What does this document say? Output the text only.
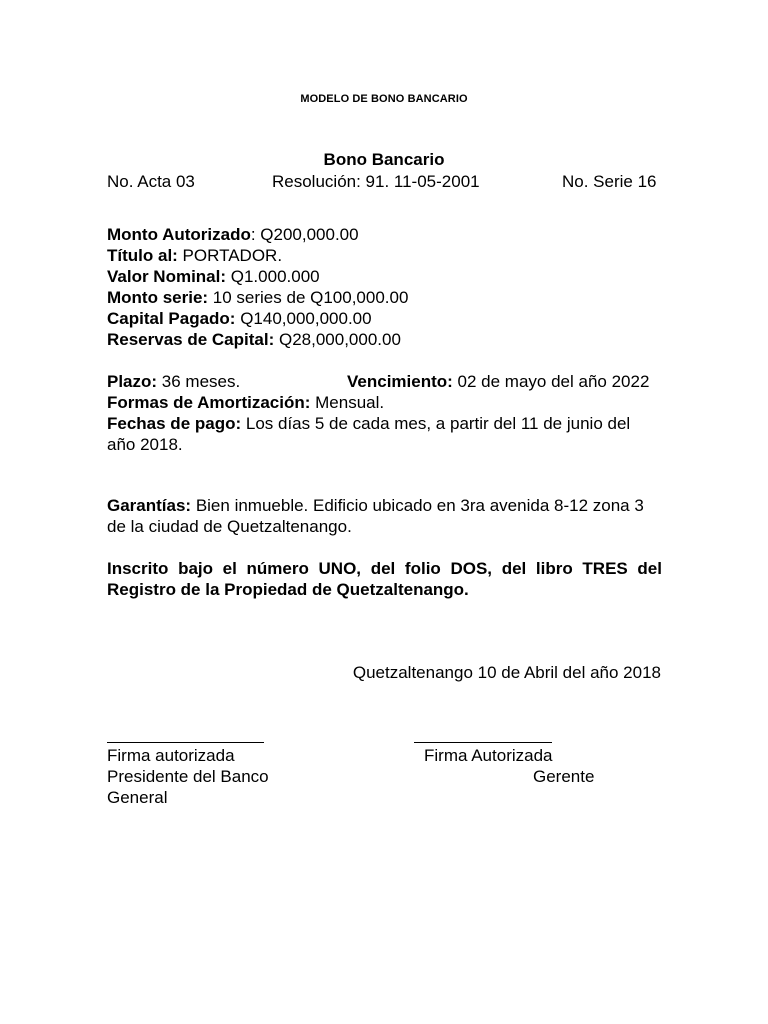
MODELO DE BONO BANCARIO
Bono Bancario
No. Acta 03	Resolución: 91. 11-05-2001	No. Serie 16
Monto Autorizado: Q200,000.00
Título al: PORTADOR.
Valor Nominal: Q1.000.000
Monto serie: 10 series de Q100,000.00
Capital Pagado: Q140,000,000.00
Reservas de Capital: Q28,000,000.00
Plazo: 36 meses.	Vencimiento: 02 de mayo del año 2022
Formas de Amortización: Mensual.
Fechas de pago: Los días 5 de cada mes, a partir del 11 de junio del año 2018.
Garantías: Bien inmueble. Edificio ubicado en 3ra avenida 8-12 zona 3 de la ciudad de Quetzaltenango.
Inscrito bajo el número UNO, del folio DOS, del libro TRES del Registro de la Propiedad de Quetzaltenango.
Quetzaltenango 10 de Abril del año 2018
Firma autorizada	Firma Autorizada
Presidente del Banco	Gerente
General
